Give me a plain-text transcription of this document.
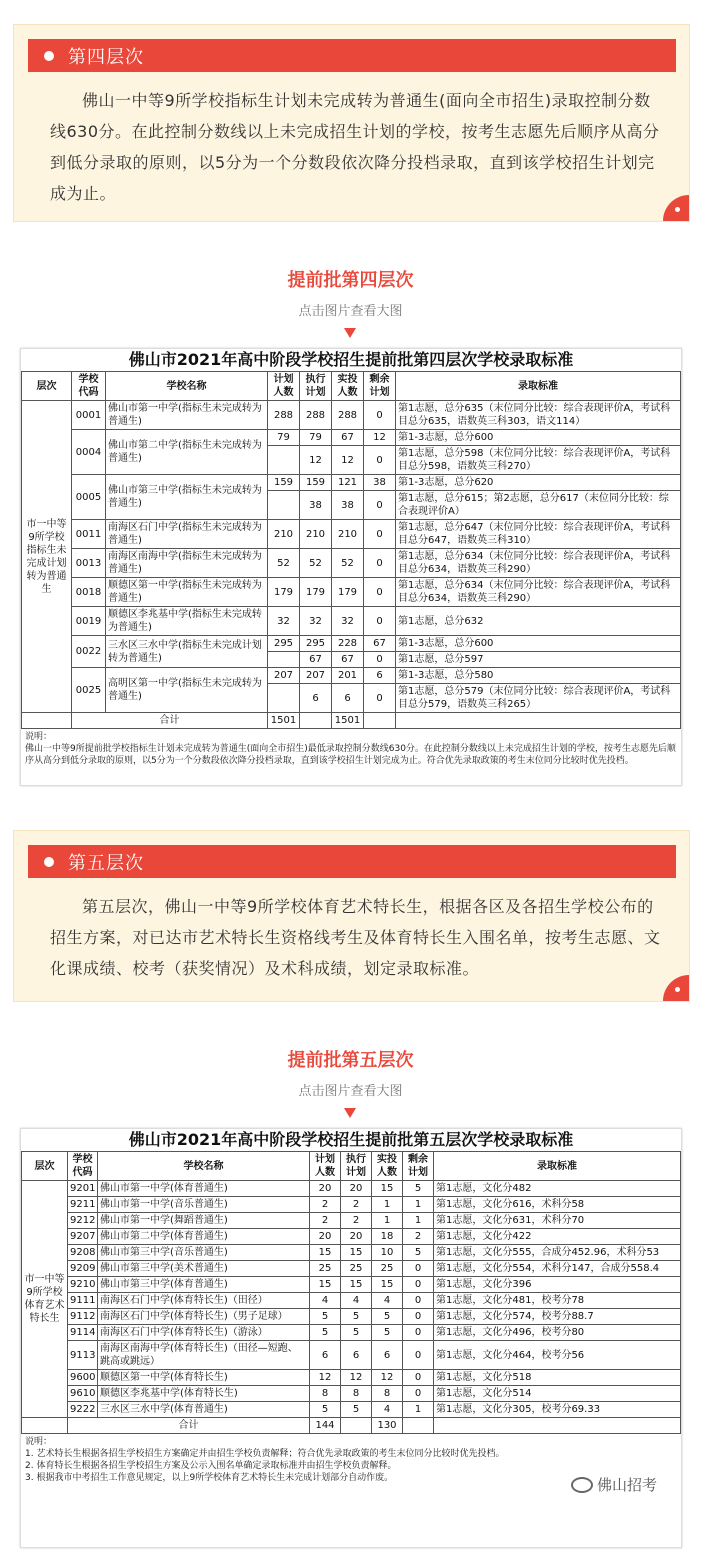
第四层次
佛山一中等9所学校指标生计划未完成转为普通生(面向全市招生)录取控制分数线630分。在此控制分数线以上未完成招生计划的学校，按考生志愿先后顺序从高分到低分录取的原则，以5分为一个分数段依次降分投档录取，直到该学校招生计划完成为止。
提前批第四层次
点击图片查看大图
佛山市2021年高中阶段学校招生提前批第四层次学校录取标准
层次	学校代码	学校名称	计划人数	执行计划	实投人数	剩余计划	录取标准
市一中等9所学校指标生未完成计划转为普通生	0001	佛山市第一中学(指标生未完成转为普通生)	288	288	288	0	第1志愿，总分635（末位同分比较：综合表现评价A，考试科目总分635，语数英三科303，语文114）
	0004	佛山市第二中学(指标生未完成转为普通生)	79	79	67	12	第1-3志愿，总分600
				12	12	0	第1志愿，总分598（末位同分比较：综合表现评价A，考试科目总分598，语数英三科270）
	0005	佛山市第三中学(指标生未完成转为普通生)	159	159	121	38	第1-3志愿，总分620
				38	38	0	第1志愿，总分615；第2志愿，总分617（末位同分比较：综合表现评价A）
	0011	南海区石门中学(指标生未完成转为普通生)	210	210	210	0	第1志愿，总分647（末位同分比较：综合表现评价A，考试科目总分647，语数英三科310）
	0013	南海区南海中学(指标生未完成转为普通生)	52	52	52	0	第1志愿，总分634（末位同分比较：综合表现评价A，考试科目总分634，语数英三科290）
	0018	顺德区第一中学(指标生未完成转为普通生)	179	179	179	0	第1志愿，总分634（末位同分比较：综合表现评价A，考试科目总分634，语数英三科290）
	0019	顺德区李兆基中学(指标生未完成转为普通生)	32	32	32	0	第1志愿，总分632
	0022	三水区三水中学(指标生未完成计划转为普通生)	295	295	228	67	第1-3志愿，总分600
				67	67	0	第1志愿，总分597
	0025	高明区第一中学(指标生未完成转为普通生)	207	207	201	6	第1-3志愿，总分580
				6	6	0	第1志愿，总分579（末位同分比较：综合表现评价A，考试科目总分579，语数英三科265）
	合计		1501		1501		
说明：
佛山一中等9所提前批学校指标生计划未完成转为普通生(面向全市招生)最低录取控制分数线630分。在此控制分数线以上未完成招生计划的学校，按考生志愿先后顺序从高分到低分录取的原则，以5分为一个分数段依次降分投档录取，直到该学校招生计划完成为止。符合优先录取政策的考生末位同分比较时优先投档。
第五层次
第五层次，佛山一中等9所学校体育艺术特长生，根据各区及各招生学校公布的招生方案，对已达市艺术特长生资格线考生及体育特长生入围名单，按考生志愿、文化课成绩、校考（获奖情况）及术科成绩，划定录取标准。
提前批第五层次
点击图片查看大图
佛山市2021年高中阶段学校招生提前批第五层次学校录取标准
层次	学校代码	学校名称	计划人数	执行计划	实投人数	剩余计划	录取标准
市一中等9所学校体育艺术特长生	9201	佛山市第一中学(体育普通生)	20	20	15	5	第1志愿，文化分482
	9211	佛山市第一中学(音乐普通生)	2	2	1	1	第1志愿，文化分616，术科分58
	9212	佛山市第一中学(舞蹈普通生)	2	2	1	1	第1志愿，文化分631，术科分70
	9207	佛山市第二中学(体育普通生)	20	20	18	2	第1志愿，文化分422
	9208	佛山市第三中学(音乐普通生)	15	15	10	5	第1志愿，文化分555，合成分452.96，术科分53
	9209	佛山市第三中学(美术普通生)	25	25	25	0	第1志愿，文化分554，术科分147，合成分558.4
	9210	佛山市第三中学(体育普通生)	15	15	15	0	第1志愿，文化分396
	9111	南海区石门中学(体育特长生)（田径）	4	4	4	0	第1志愿，文化分481，校考分78
	9112	南海区石门中学(体育特长生)（男子足球）	5	5	5	0	第1志愿，文化分574，校考分88.7
	9114	南海区石门中学(体育特长生)（游泳）	5	5	5	0	第1志愿，文化分496，校考分80
	9113	南海区南海中学(体育特长生)（田径—短跑、跳高或跳远）	6	6	6	0	第1志愿，文化分464，校考分56
	9600	顺德区第一中学(体育特长生)	12	12	12	0	第1志愿，文化分518
	9610	顺德区李兆基中学(体育特长生)	8	8	8	0	第1志愿，文化分514
	9222	三水区三水中学(体育普通生)	5	5	4	1	第1志愿，文化分305，校考分69.33
	合计		144		130		
说明：
1. 艺术特长生根据各招生学校招生方案确定并由招生学校负责解释；符合优先录取政策的考生末位同分比较时优先投档。
2. 体育特长生根据各招生学校招生方案及公示入围名单确定录取标准并由招生学校负责解释。
3. 根据我市中考招生工作意见规定，以上9所学校体育艺术特长生未完成计划部分自动作废。	佛山招考
